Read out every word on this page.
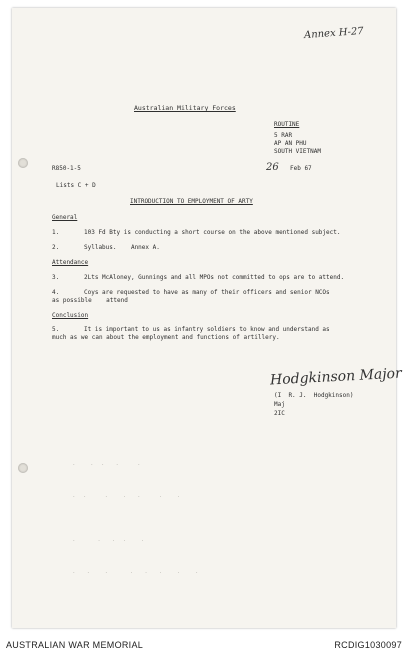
Annex H-27
Australian Military Forces
ROUTINE
5 RAR
AP AN PHU
SOUTH VIETNAM
26 Feb 67
R850-1-5
Lists C + D
INTRODUCTION TO EMPLOYMENT OF ARTY
General
1.	103 Fd Bty is conducting a short course on the above mentioned subject.
2.	Syllabus.    Annex A.
Attendance
3.	2Lts McAloney, Gunnings and all MPOs not committed to ops are to attend.
4.	Coys are requested to have as many of their officers and senior NCOs
as possible    attend
Conclusion
5.	It is important to us as infantry soldiers to know and understand as
much as we can about the employment and functions of artillery.
Hodgkinson Major
(I  R. J.  Hodgkinson)
Maj
2IC
.    .  .   .     .
.  .     .    .   .     .    .
.      .   .  .    .
.   .    .      .   .   .    .    .
AUSTRALIAN WAR MEMORIAL	RCDIG1030097
